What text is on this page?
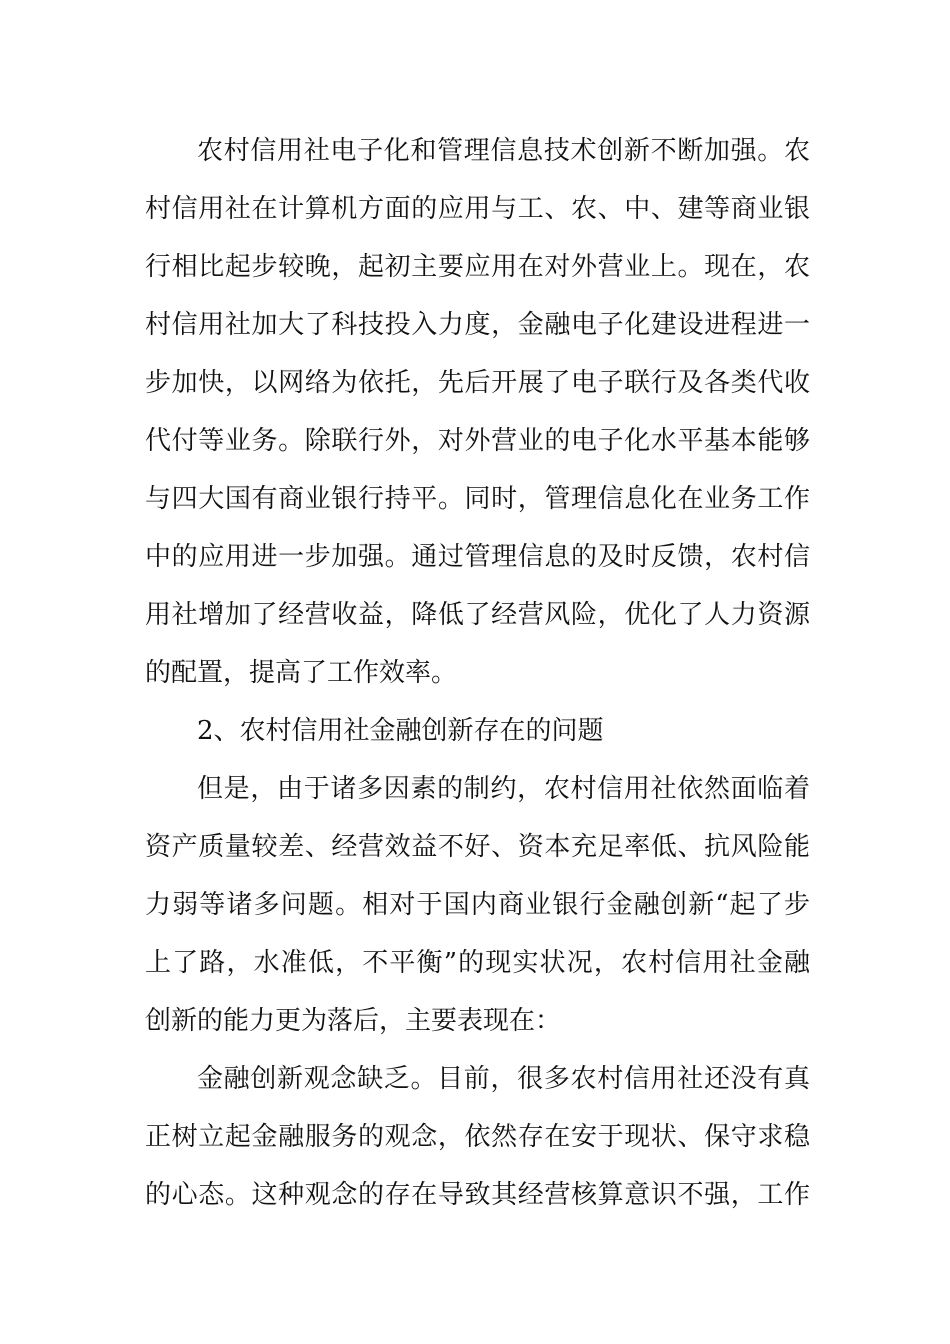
农村信用社电子化和管理信息技术创新不断加强。农
村信用社在计算机方面的应用与工、农、中、建等商业银
行相比起步较晚，起初主要应用在对外营业上。现在，农
村信用社加大了科技投入力度，金融电子化建设进程进一
步加快，以网络为依托，先后开展了电子联行及各类代收
代付等业务。除联行外，对外营业的电子化水平基本能够
与四大国有商业银行持平。同时，管理信息化在业务工作
中的应用进一步加强。通过管理信息的及时反馈，农村信
用社增加了经营收益，降低了经营风险，优化了人力资源
的配置，提高了工作效率。
2、农村信用社金融创新存在的问题
但是，由于诸多因素的制约，农村信用社依然面临着
资产质量较差、经营效益不好、资本充足率低、抗风险能
力弱等诸多问题。相对于国内商业银行金融创新“起了步
上了路，水准低，不平衡”的现实状况，农村信用社金融
创新的能力更为落后，主要表现在：
金融创新观念缺乏。目前，很多农村信用社还没有真
正树立起金融服务的观念，依然存在安于现状、保守求稳
的心态。这种观念的存在导致其经营核算意识不强，工作
